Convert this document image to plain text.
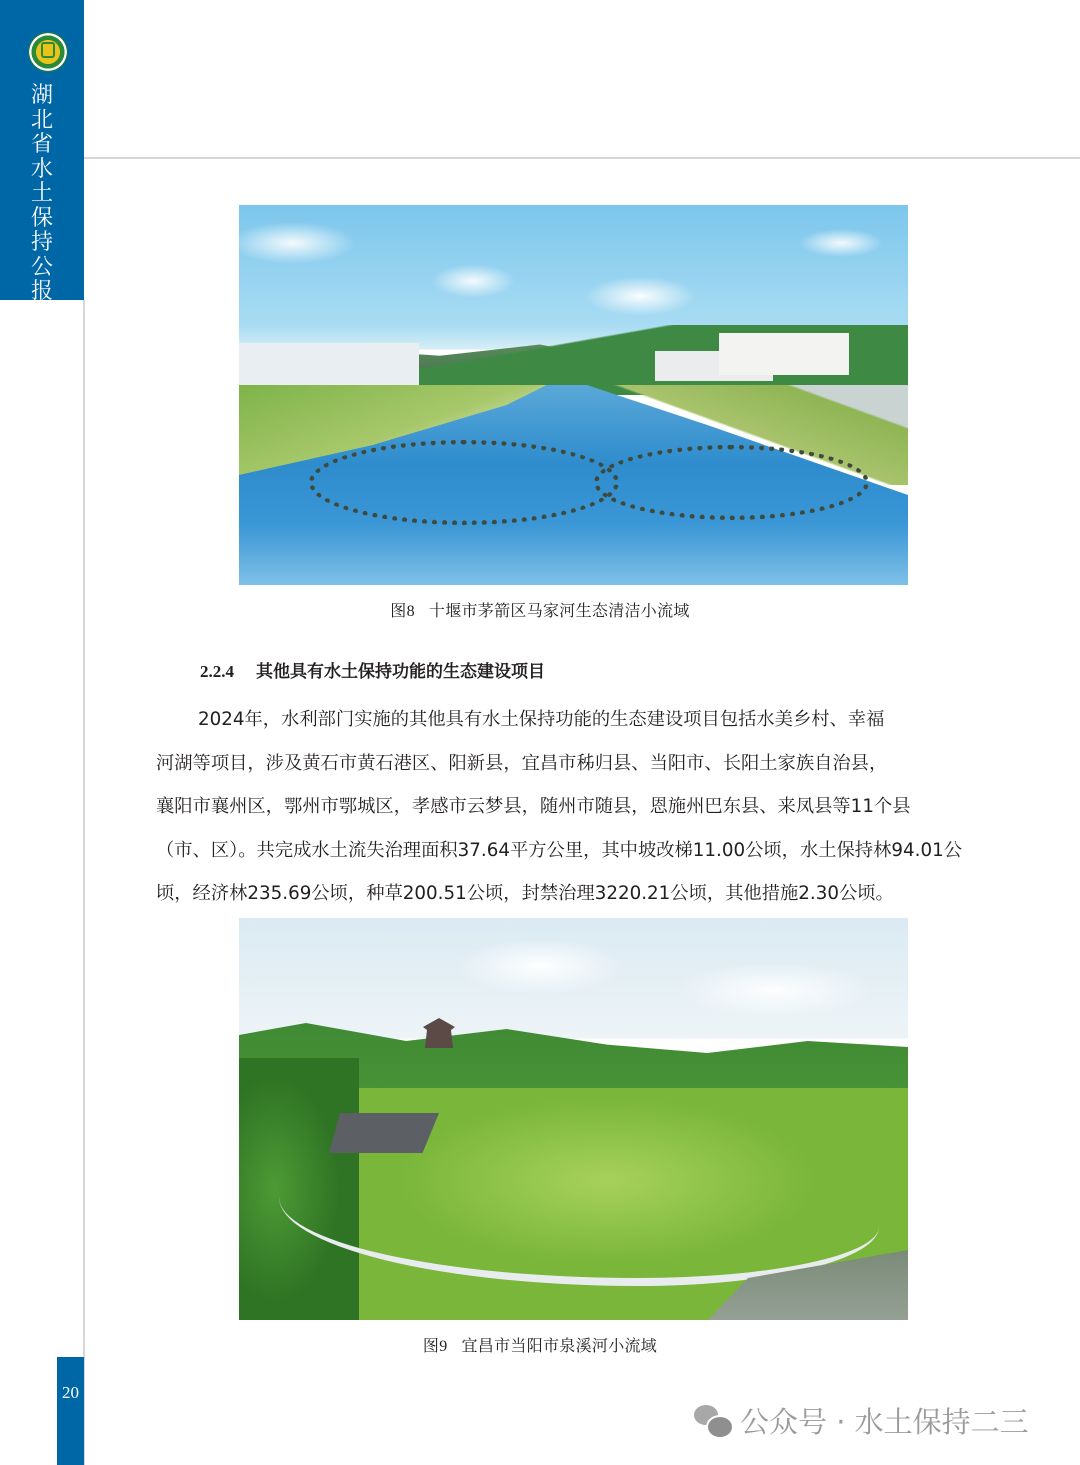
湖
北
省
水
土
保
持
公
报
图8 十堰市茅箭区马家河生态清洁小流域
2.2.4 其他具有水土保持功能的生态建设项目
2024年，水利部门实施的其他具有水土保持功能的生态建设项目包括水美乡村、幸福
河湖等项目，涉及黄石市黄石港区、阳新县，宜昌市秭归县、当阳市、长阳土家族自治县，
襄阳市襄州区，鄂州市鄂城区，孝感市云梦县，随州市随县，恩施州巴东县、来凤县等11个县
（市、区）。共完成水土流失治理面积37.64平方公里，其中坡改梯11.00公顷，水土保持林94.01公
顷，经济林235.69公顷，种草200.51公顷，封禁治理3220.21公顷，其他措施2.30公顷。
图9 宜昌市当阳市泉溪河小流域
20
公众号 · 水土保持二三
